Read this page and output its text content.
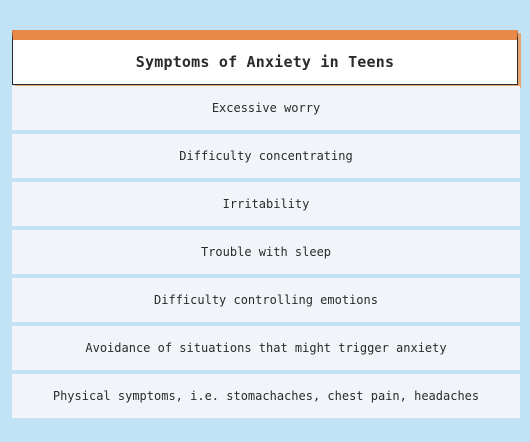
Symptoms of Anxiety in Teens
Excessive worry
Difficulty concentrating
Irritability
Trouble with sleep
Difficulty controlling emotions
Avoidance of situations that might trigger anxiety
Physical symptoms, i.e. stomachaches, chest pain, headaches
